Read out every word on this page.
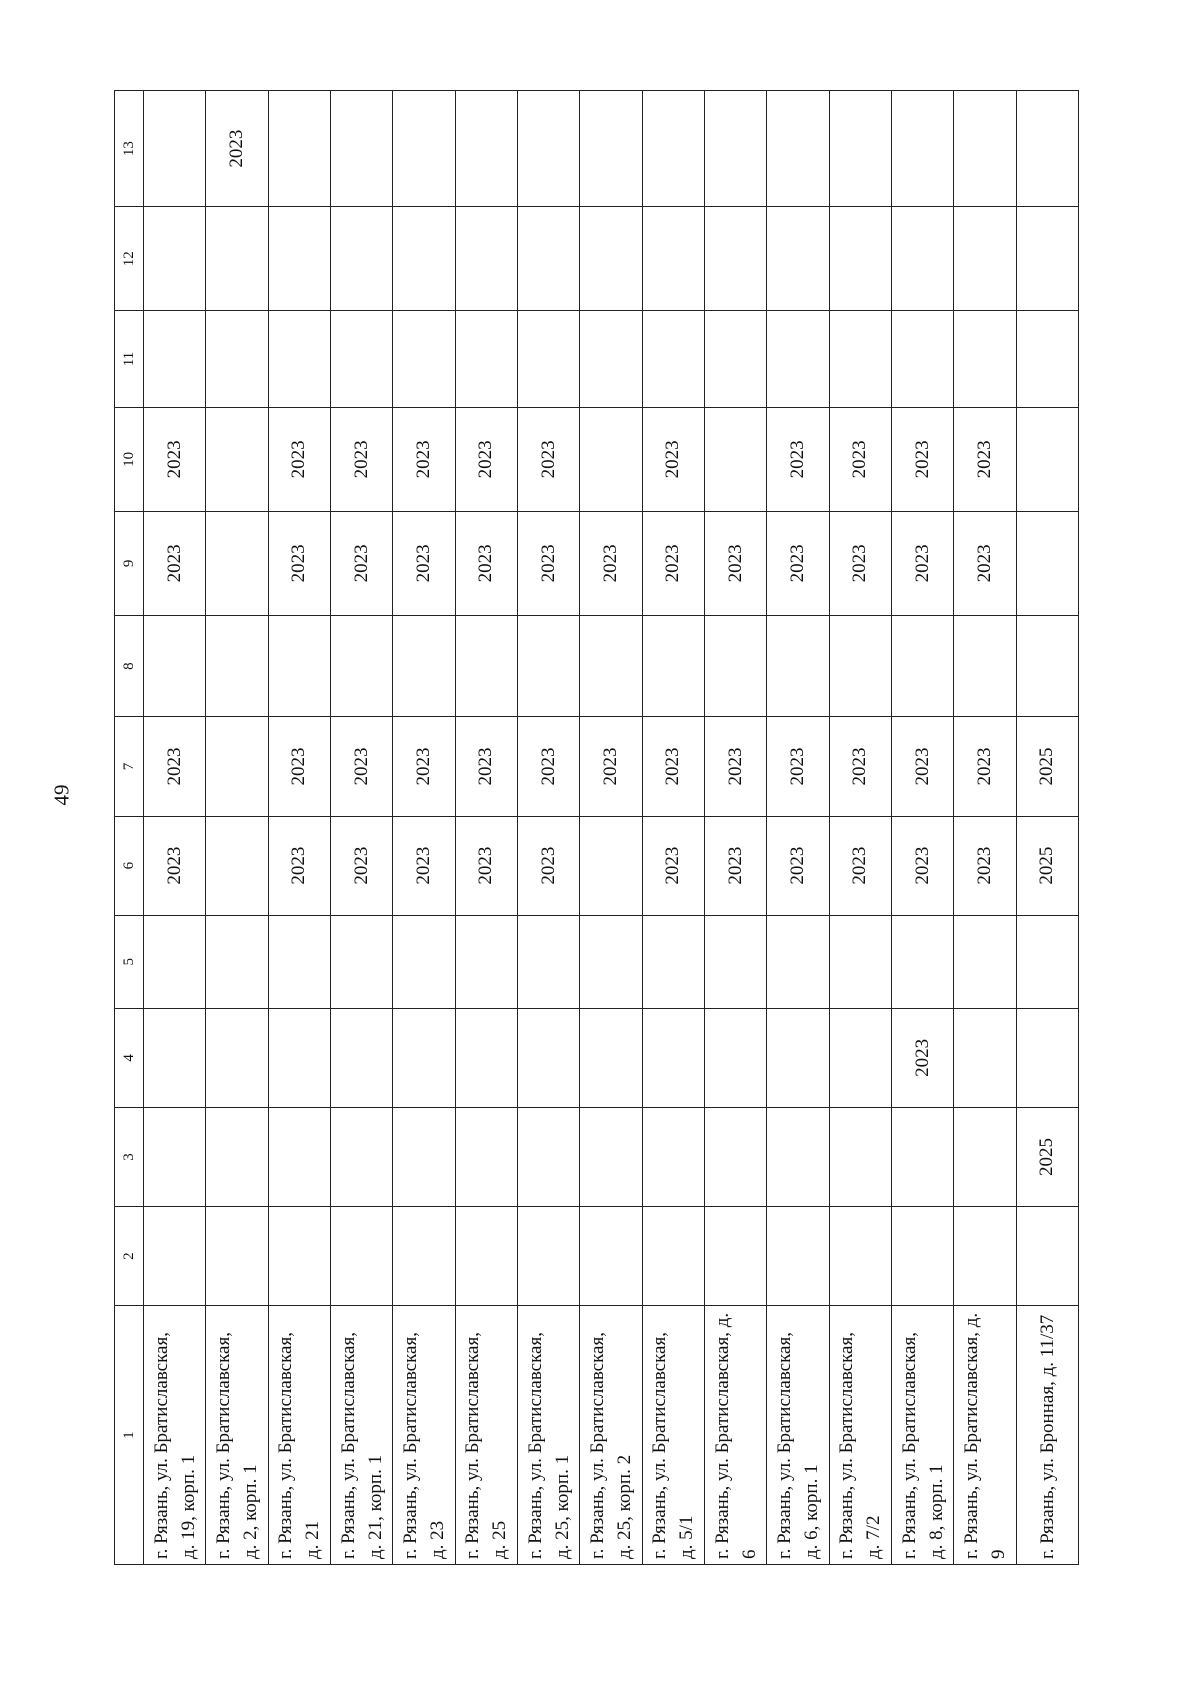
49
1	2	3	4	5	6	7	8	9	10	11	12	13

г. Рязань, ул. Братиславская, д. 19, корп. 1					2023	2023		2023	2023			

г. Рязань, ул. Братиславская, д. 2, корп. 1												2023

г. Рязань, ул. Братиславская, д. 21					2023	2023		2023	2023			

г. Рязань, ул. Братиславская, д. 21, корп. 1					2023	2023		2023	2023			

г. Рязань, ул. Братиславская, д. 23					2023	2023		2023	2023			

г. Рязань, ул. Братиславская, д. 25					2023	2023		2023	2023			

г. Рязань, ул. Братиславская, д. 25, корп. 1					2023	2023		2023	2023			

г. Рязань, ул. Братиславская, д. 25, корп. 2						2023		2023				

г. Рязань, ул. Братиславская, д. 5/1					2023	2023		2023	2023			

г. Рязань, ул. Братиславская, д. 6					2023	2023		2023				

г. Рязань, ул. Братиславская, д. 6, корп. 1					2023	2023		2023	2023			

г. Рязань, ул. Братиславская, д. 7/2					2023	2023		2023	2023			

г. Рязань, ул. Братиславская, д. 8, корп. 1			2023		2023	2023		2023	2023			

г. Рязань, ул. Братиславская, д. 9					2023	2023		2023	2023			

г. Рязань, ул. Бронная, д. 11/37		2025			2025	2025						
